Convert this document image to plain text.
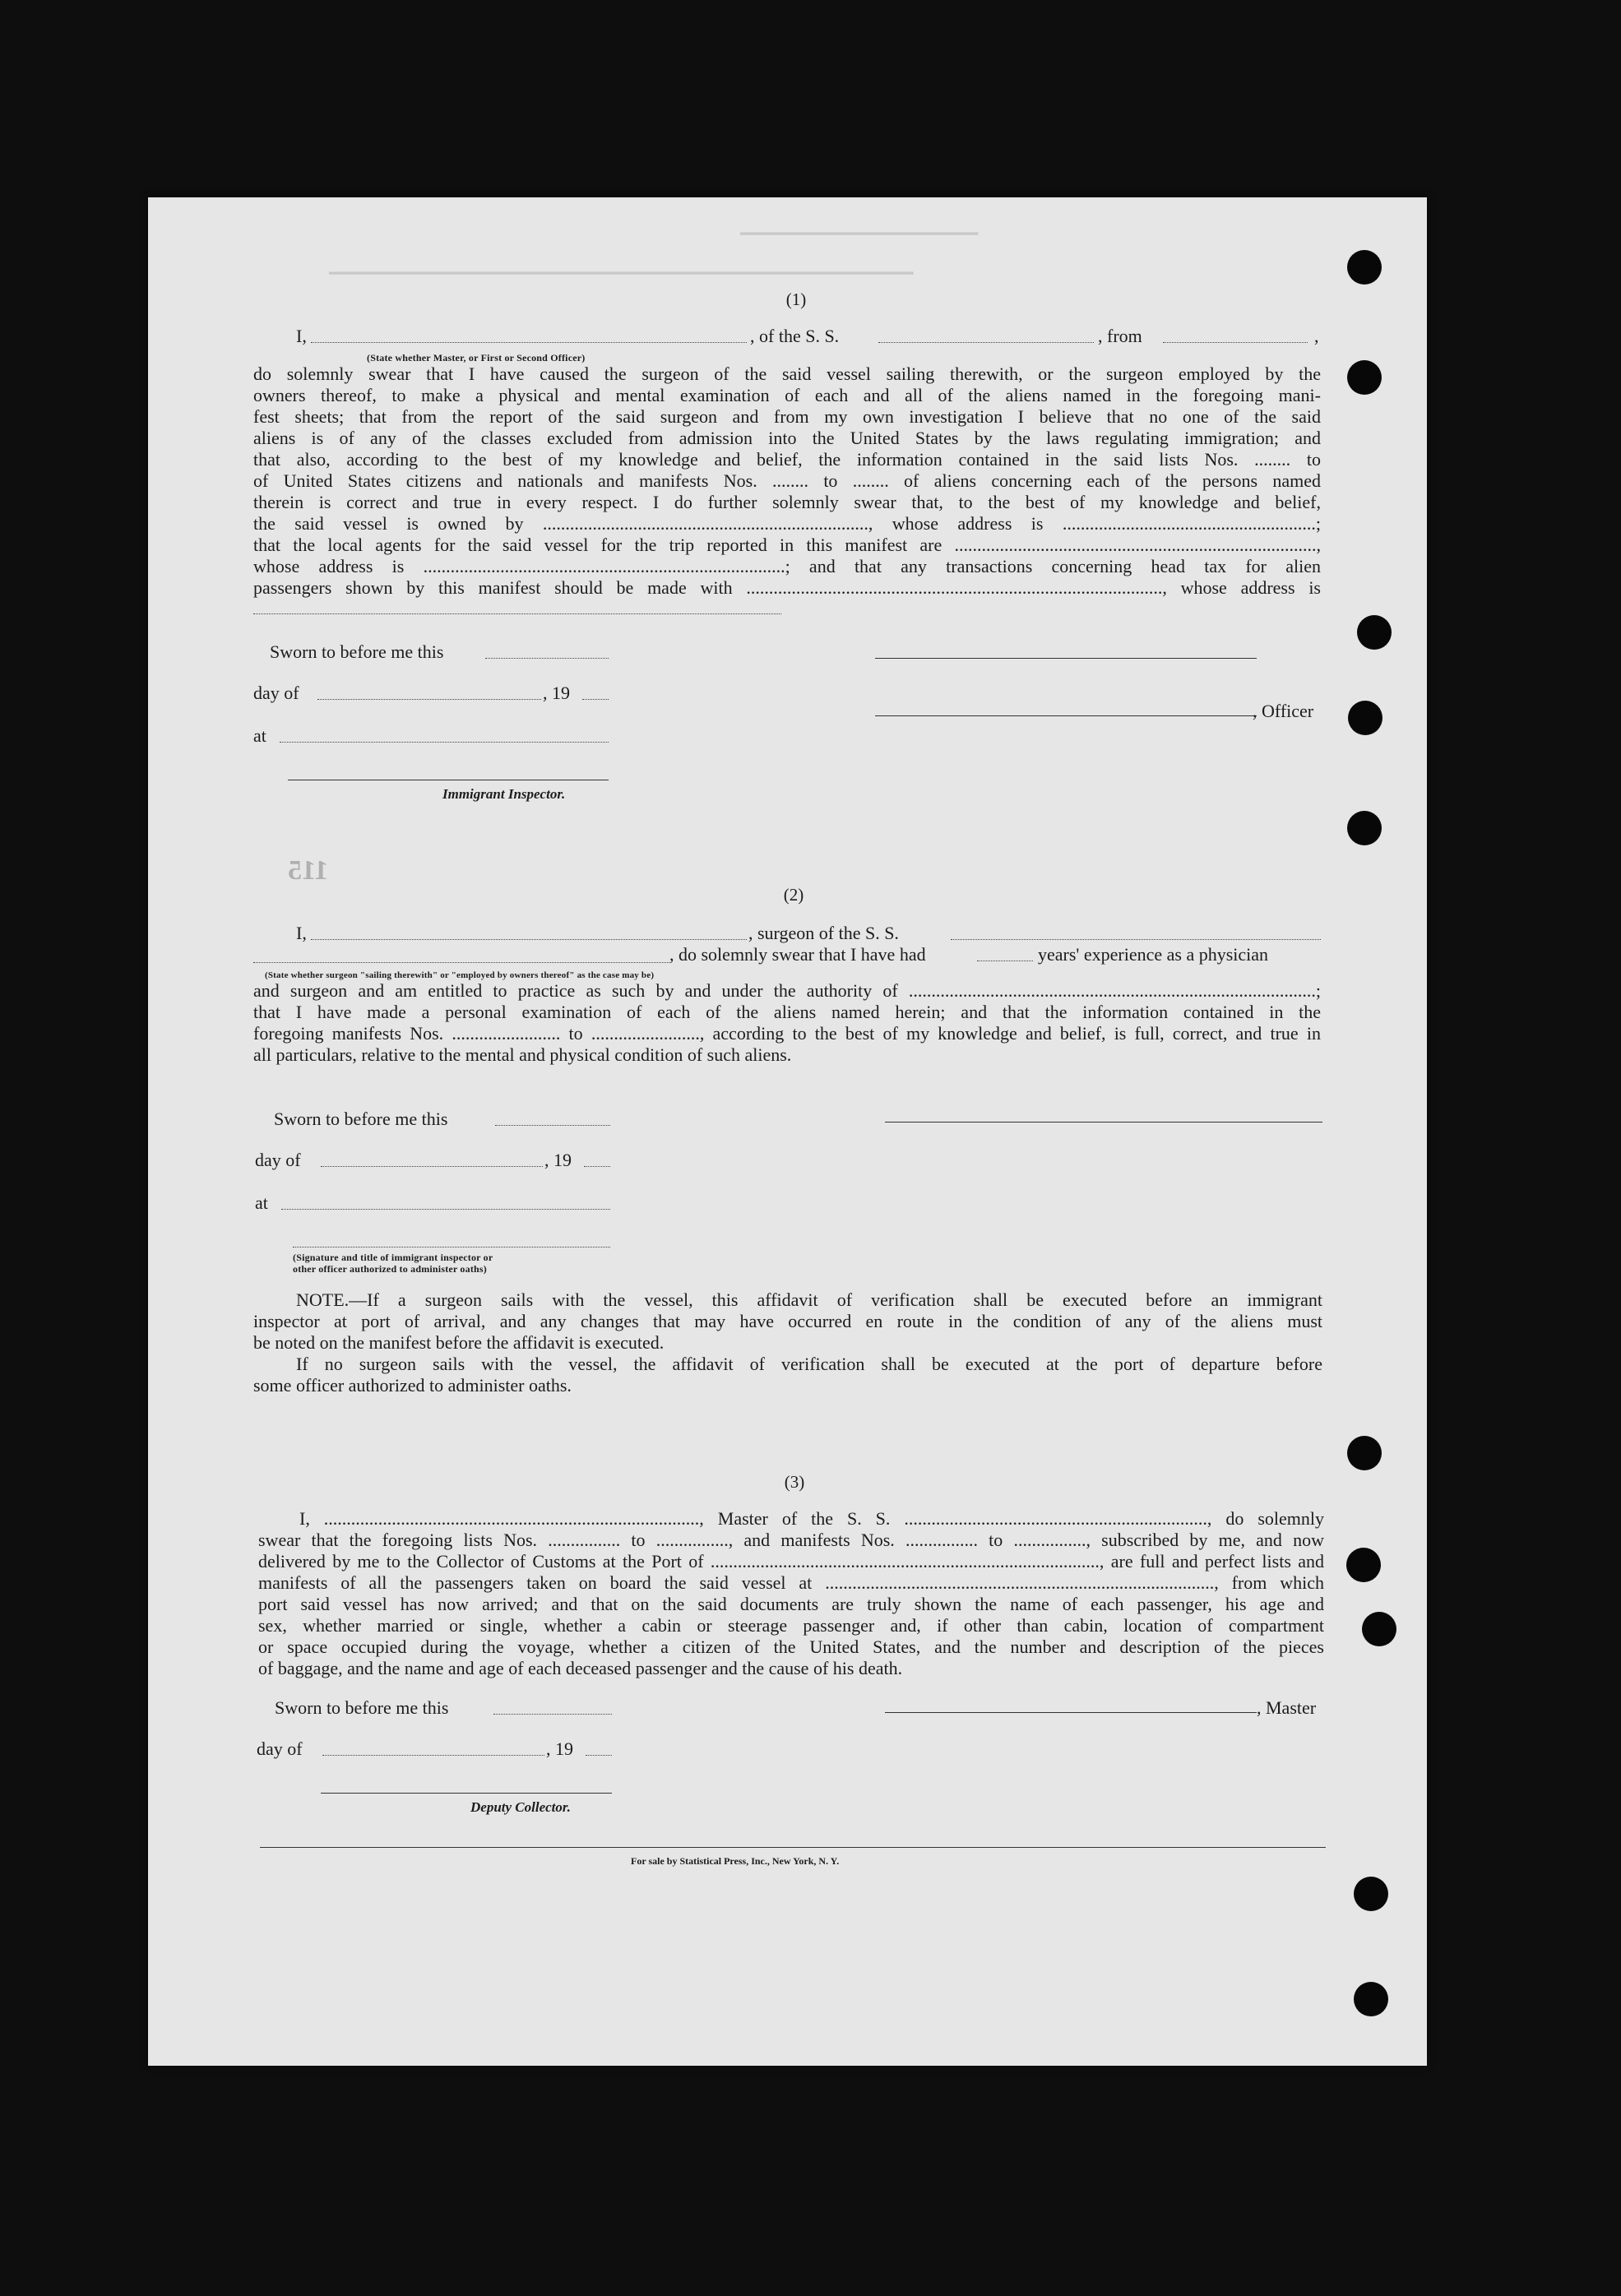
━━━━━━━━━━━━━━━━━━━━━━━━
━━━━━━━━━━━━━━━━━━━━━━━━━━━━━━━━━━━━━━━━━━━━━━━━━━━━━━━━━━━
(1)
I,	, of the S. S.	, from	,
(State whether Master, or First or Second Officer)
do solemnly swear that I have caused the surgeon of the said vessel sailing therewith, or the surgeon employed by the
owners thereof, to make a physical and mental examination of each and all of the aliens named in the foregoing mani-
fest sheets; that from the report of the said surgeon and from my own investigation I believe that no one of the said
aliens is of any of the classes excluded from admission into the United States by the laws regulating immigration; and
that also, according to the best of my knowledge and belief, the information contained in the said lists Nos. ........ to
of United States citizens and nationals and manifests Nos. ........ to ........ of aliens concerning each of the persons named
therein is correct and true in every respect. I do further solemnly swear that, to the best of my knowledge and belief,
the said vessel is owned by ........................................................................, whose address is ........................................................;
that the local agents for the said vessel for the trip reported in this manifest are ................................................................................,
whose address is ................................................................................; and that any transactions concerning head tax for alien
passengers shown by this manifest should be made with ............................................................................................, whose address is
Sworn to before me this
day of	, 19
at
Immigrant Inspector.
, Officer
115
(2)
I,	, surgeon of the S. S.
, do solemnly swear that I have had	years' experience as a physician
(State whether surgeon "sailing therewith" or "employed by owners thereof" as the case may be)
and surgeon and am entitled to practice as such by and under the authority of ..........................................................................................;
that I have made a personal examination of each of the aliens named herein; and that the information contained in the
foregoing manifests Nos. ........................ to ........................, according to the best of my knowledge and belief, is full, correct, and true in
all particulars, relative to the mental and physical condition of such aliens.
Sworn to before me this
day of	, 19
at
(Signature and title of immigrant inspector or
other officer authorized to administer oaths)
NOTE.—If a surgeon sails with the vessel, this affidavit of verification shall be executed before an immigrant
inspector at port of arrival, and any changes that may have occurred en route in the condition of any of the aliens must
be noted on the manifest before the affidavit is executed.
If no surgeon sails with the vessel, the affidavit of verification shall be executed at the port of departure before
some officer authorized to administer oaths.
(3)
I, ..................................................................................., Master of the S. S. ..................................................................., do solemnly
swear that the foregoing lists Nos. ................ to ................, and manifests Nos. ................ to ................, subscribed by me, and now
delivered by me to the Collector of Customs at the Port of ......................................................................................, are full and perfect lists and
manifests of all the passengers taken on board the said vessel at ......................................................................................, from which
port said vessel has now arrived; and that on the said documents are truly shown the name of each passenger, his age and
sex, whether married or single, whether a cabin or steerage passenger and, if other than cabin, location of compartment
or space occupied during the voyage, whether a citizen of the United States, and the number and description of the pieces
of baggage, and the name and age of each deceased passenger and the cause of his death.
Sworn to before me this
day of	, 19
Deputy Collector.
, Master
For sale by Statistical Press, Inc., New York, N. Y.
